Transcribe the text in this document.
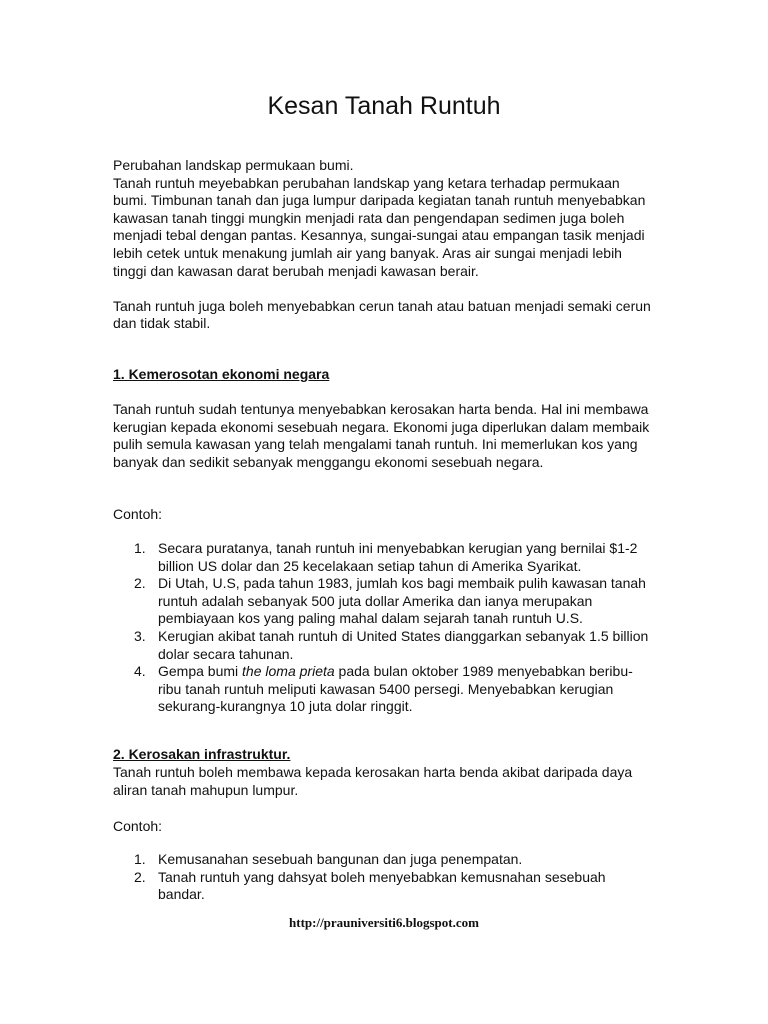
Kesan Tanah Runtuh

Perubahan landskap permukaan bumi.

Tanah runtuh meyebabkan perubahan landskap yang ketara terhadap permukaan bumi. Timbunan tanah dan juga lumpur daripada kegiatan tanah runtuh menyebabkan kawasan tanah tinggi mungkin menjadi rata dan pengendapan sedimen juga boleh menjadi tebal dengan pantas. Kesannya, sungai-sungai atau empangan tasik menjadi lebih cetek untuk menakung jumlah air yang banyak. Aras air sungai menjadi lebih tinggi dan kawasan darat berubah menjadi kawasan berair.

Tanah runtuh juga boleh menyebabkan cerun tanah atau batuan menjadi semaki cerun dan tidak stabil.

1. Kemerosotan ekonomi negara

Tanah runtuh sudah tentunya menyebabkan kerosakan harta benda. Hal ini membawa kerugian kepada ekonomi sesebuah negara. Ekonomi juga diperlukan dalam membaik pulih semula kawasan yang telah mengalami tanah runtuh. Ini memerlukan kos yang banyak dan sedikit sebanyak menggangu ekonomi sesebuah negara.

Contoh:

1. Secara puratanya, tanah runtuh ini menyebabkan kerugian yang bernilai $1-2 billion US dolar dan 25 kecelakaan setiap tahun di Amerika Syarikat.
2. Di Utah, U.S, pada tahun 1983, jumlah kos bagi membaik pulih kawasan tanah runtuh adalah sebanyak 500 juta dollar Amerika dan ianya merupakan pembiayaan kos yang paling mahal dalam sejarah tanah runtuh U.S.
3. Kerugian akibat tanah runtuh di United States dianggarkan sebanyak 1.5 billion dolar secara tahunan.
4. Gempa bumi the loma prieta pada bulan oktober 1989 menyebabkan beribu-ribu tanah runtuh meliputi kawasan 5400 persegi. Menyebabkan kerugian sekurang-kurangnya 10 juta dolar ringgit.

2. Kerosakan infrastruktur.

Tanah runtuh boleh membawa kepada kerosakan harta benda akibat daripada daya aliran tanah mahupun lumpur.

Contoh:

1. Kemusanahan sesebuah bangunan dan juga penempatan.
2. Tanah runtuh yang dahsyat boleh menyebabkan kemusnahan sesebuah bandar.
http://prauniversiti6.blogspot.com
